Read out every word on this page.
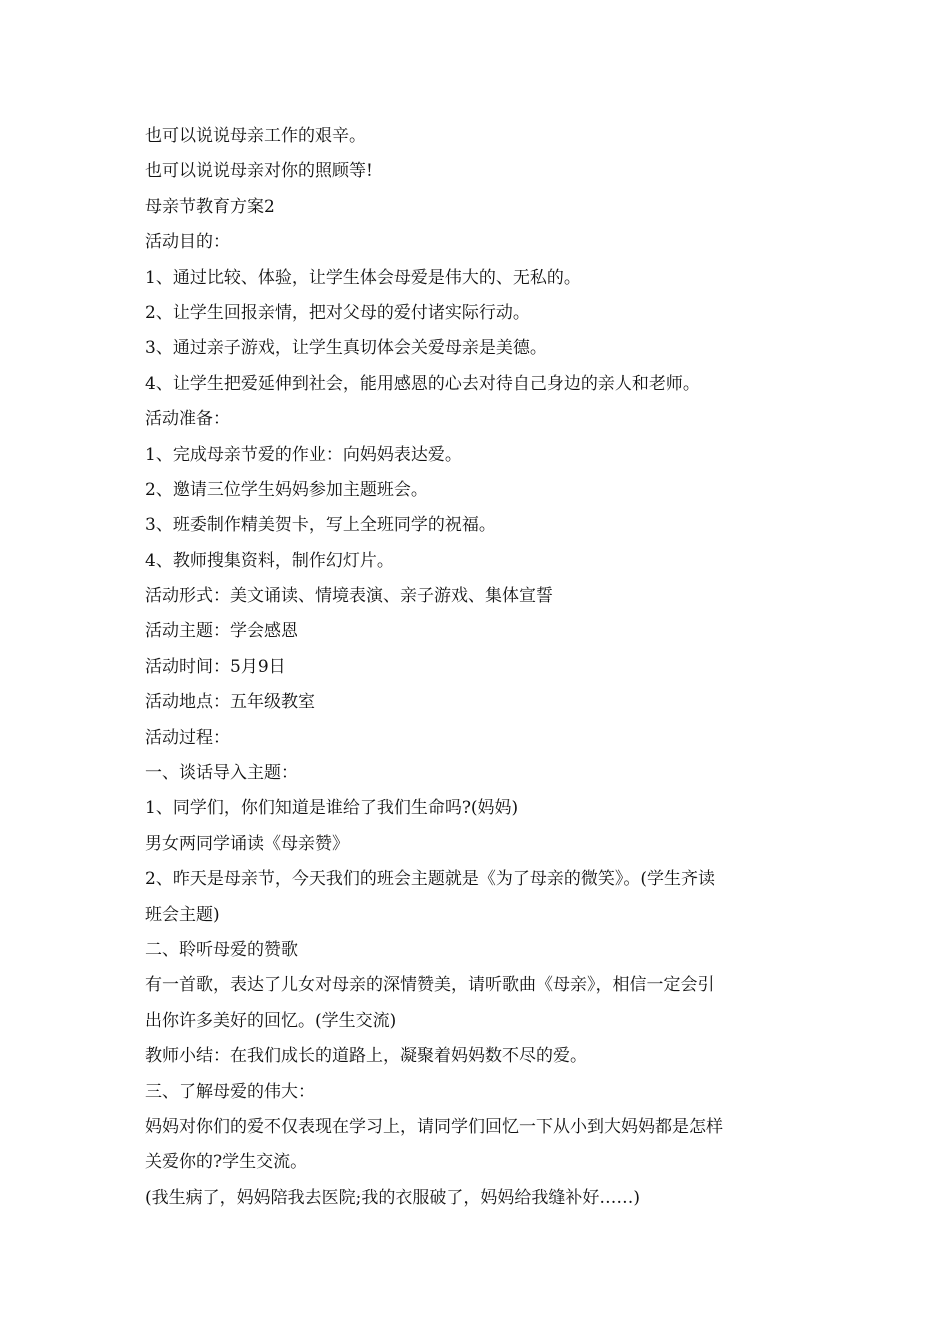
也可以说说母亲工作的艰辛。
也可以说说母亲对你的照顾等!
母亲节教育方案2
活动目的：
1、通过比较、体验，让学生体会母爱是伟大的、无私的。
2、让学生回报亲情，把对父母的爱付诸实际行动。
3、通过亲子游戏，让学生真切体会关爱母亲是美德。
4、让学生把爱延伸到社会，能用感恩的心去对待自己身边的亲人和老师。
活动准备：
1、完成母亲节爱的作业：向妈妈表达爱。
2、邀请三位学生妈妈参加主题班会。
3、班委制作精美贺卡，写上全班同学的祝福。
4、教师搜集资料，制作幻灯片。
活动形式：美文诵读、情境表演、亲子游戏、集体宣誓
活动主题：学会感恩
活动时间：5月9日
活动地点：五年级教室
活动过程：
一、谈话导入主题：
1、同学们，你们知道是谁给了我们生命吗?(妈妈)
男女两同学诵读《母亲赞》
2、昨天是母亲节，今天我们的班会主题就是《为了母亲的微笑》。(学生齐读
班会主题)
二、聆听母爱的赞歌
有一首歌，表达了儿女对母亲的深情赞美，请听歌曲《母亲》，相信一定会引
出你许多美好的回忆。(学生交流)
教师小结：在我们成长的道路上，凝聚着妈妈数不尽的爱。
三、了解母爱的伟大：
妈妈对你们的爱不仅表现在学习上，请同学们回忆一下从小到大妈妈都是怎样
关爱你的?学生交流。
(我生病了，妈妈陪我去医院;我的衣服破了，妈妈给我缝补好……)
